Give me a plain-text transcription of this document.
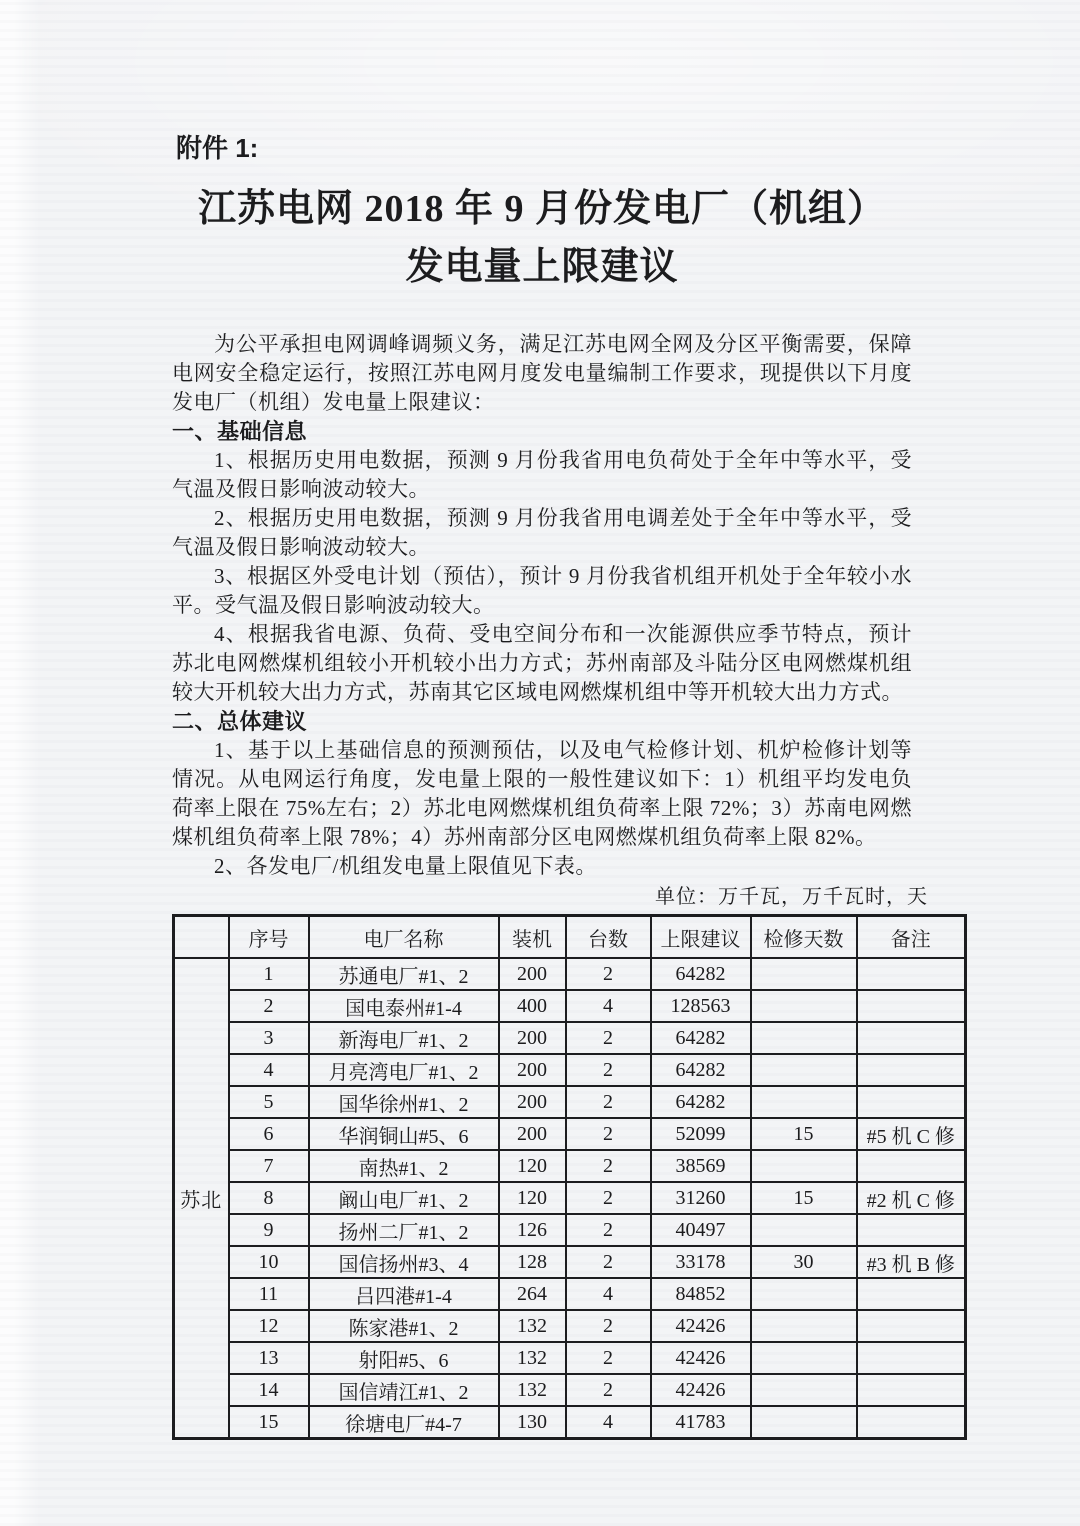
附件 1:
江苏电网 2018 年 9 月份发电厂（机组）
发电量上限建议

为公平承担电网调峰调频义务，满足江苏电网全网及分区平衡需要，保障电网安全稳定运行，按照江苏电网月度发电量编制工作要求，现提供以下月度发电厂（机组）发电量上限建议：

一、基础信息

1、根据历史用电数据，预测 9 月份我省用电负荷处于全年中等水平，受气温及假日影响波动较大。

2、根据历史用电数据，预测 9 月份我省用电调差处于全年中等水平，受气温及假日影响波动较大。

3、根据区外受电计划（预估），预计 9 月份我省机组开机处于全年较小水平。受气温及假日影响波动较大。

4、根据我省电源、负荷、受电空间分布和一次能源供应季节特点，预计苏北电网燃煤机组较小开机较小出力方式；苏州南部及斗陆分区电网燃煤机组较大开机较大出力方式，苏南其它区域电网燃煤机组中等开机较大出力方式。

二、总体建议

1、基于以上基础信息的预测预估，以及电气检修计划、机炉检修计划等情况。从电网运行角度，发电量上限的一般性建议如下：1）机组平均发电负荷率上限在 75%左右；2）苏北电网燃煤机组负荷率上限 72%；3）苏南电网燃煤机组负荷率上限 78%；4）苏州南部分区电网燃煤机组负荷率上限 82%。

2、各发电厂/机组发电量上限值见下表。

单位：万千瓦，万千瓦时，天
	序号	电厂名称	装机	台数	上限建议	检修天数	备注
苏北	1	苏通电厂#1、2	200	2	64282		
	2	国电泰州#1-4	400	4	128563		
	3	新海电厂#1、2	200	2	64282		
	4	月亮湾电厂#1、2	200	2	64282		
	5	国华徐州#1、2	200	2	64282		
	6	华润铜山#5、6	200	2	52099	15	#5 机 C 修
	7	南热#1、2	120	2	38569		
	8	阚山电厂#1、2	120	2	31260	15	#2 机 C 修
	9	扬州二厂#1、2	126	2	40497		
	10	国信扬州#3、4	128	2	33178	30	#3 机 B 修
	11	吕四港#1-4	264	4	84852		
	12	陈家港#1、2	132	2	42426		
	13	射阳#5、6	132	2	42426		
	14	国信靖江#1、2	132	2	42426		
	15	徐塘电厂#4-7	130	4	41783		
